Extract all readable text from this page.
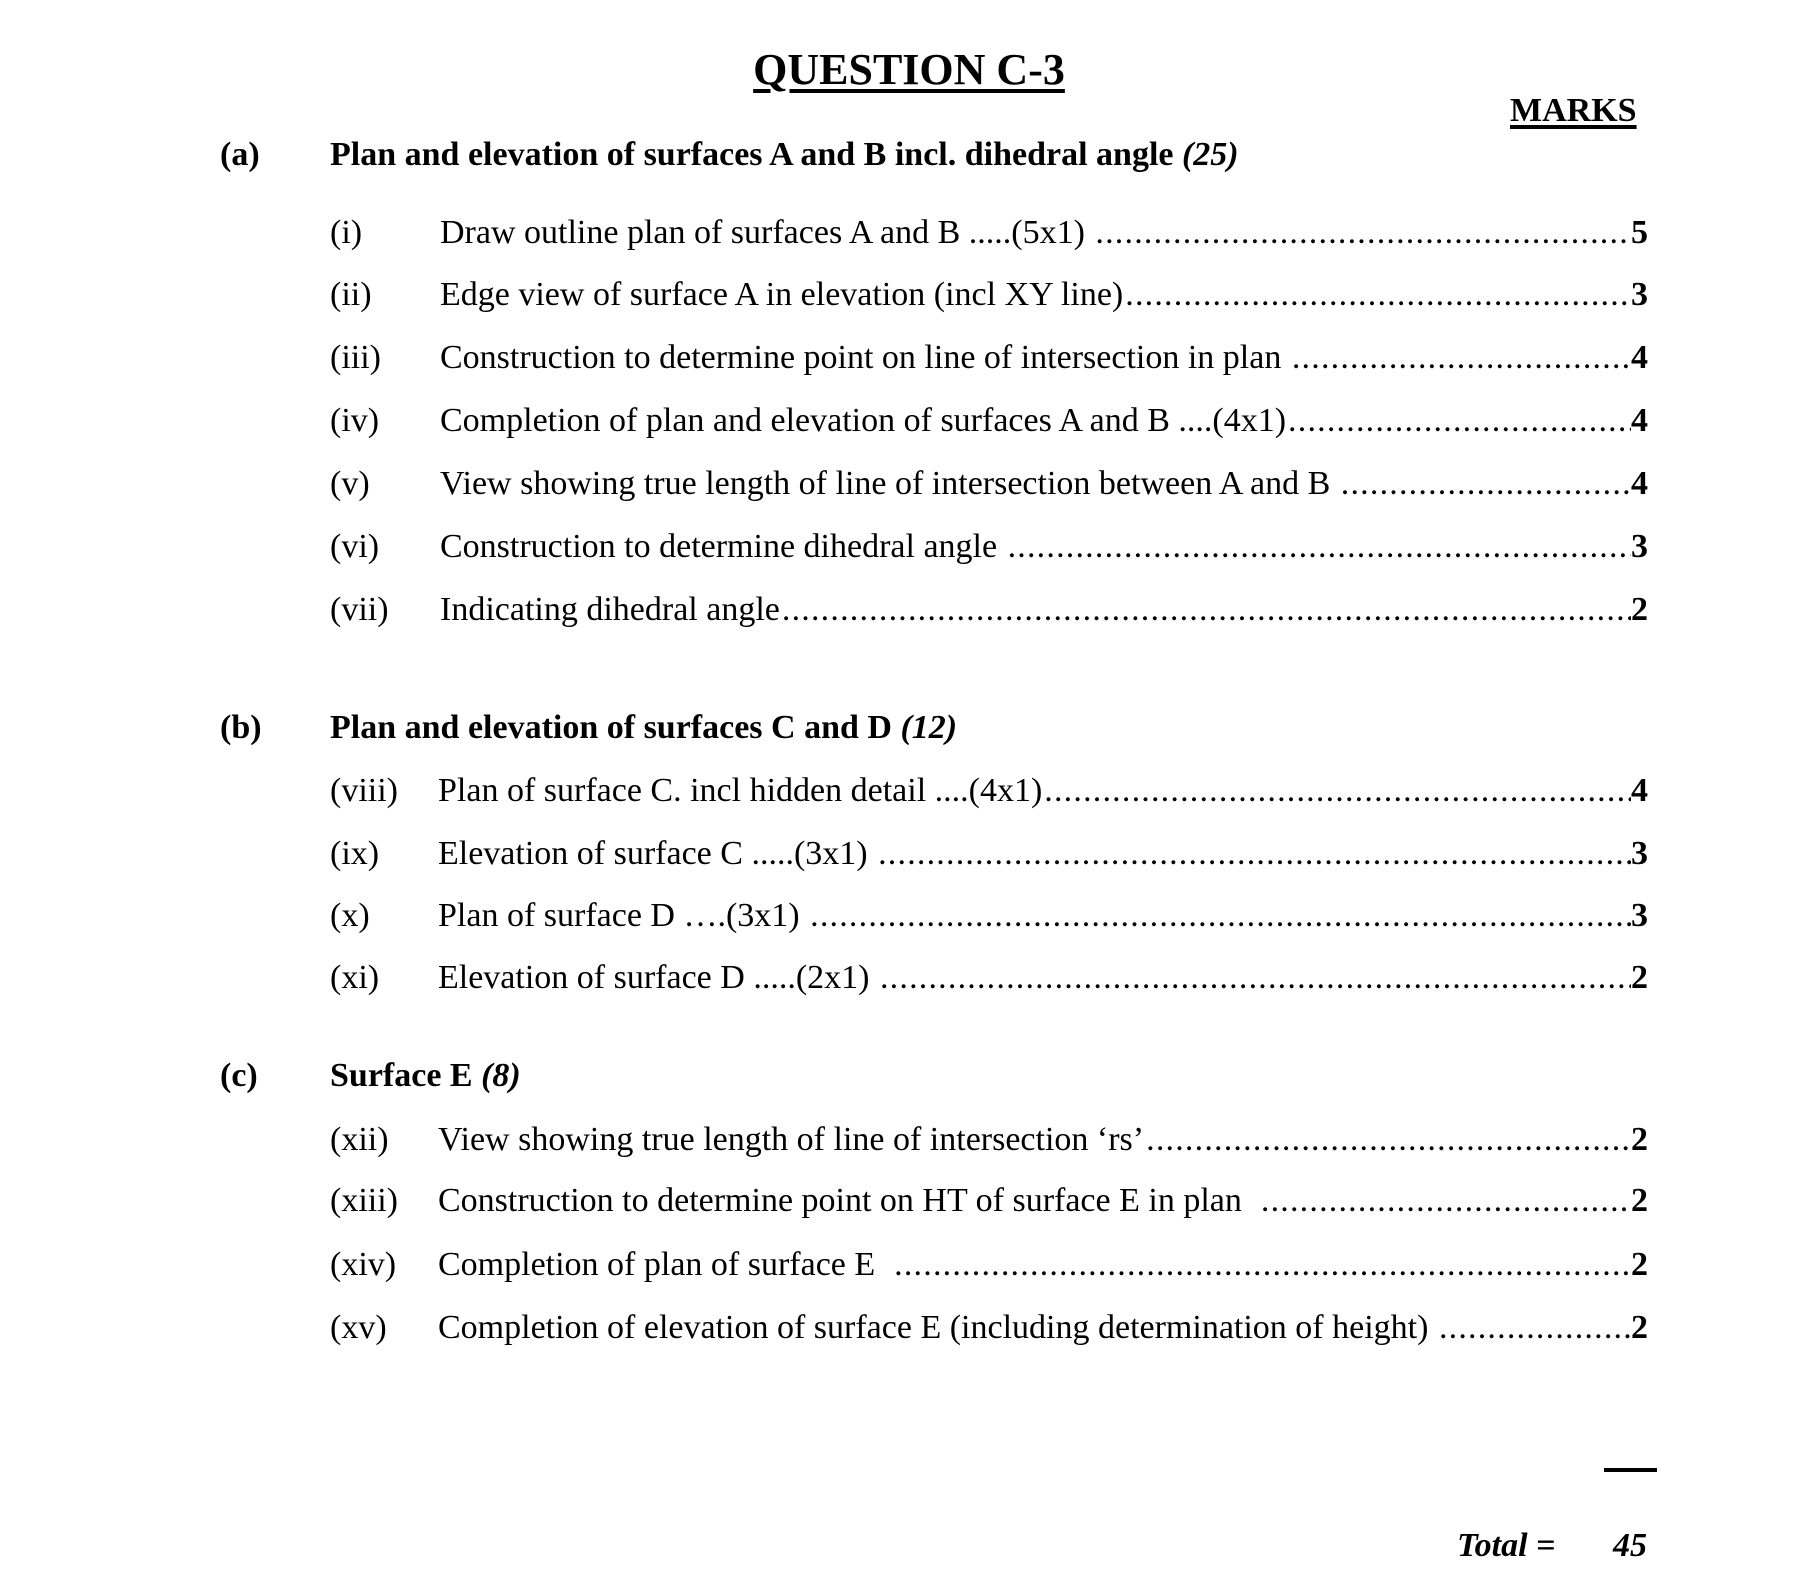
QUESTION C-3
MARKS
(a) Plan and elevation of surfaces A and B incl. dihedral angle (25)
(i)	Draw outline plan of surfaces A and B .....(5x1) .....	5
(ii)	Edge view of surface A in elevation (incl XY line) .....	3
(iii)	Construction to determine point on line of intersection in plan .....	4
(iv)	Completion of plan and elevation of surfaces A and B ....(4x1) .....	4
(v)	View showing true length of line of intersection between A and B .....	4
(vi)	Construction to determine dihedral angle .....	3
(vii)	Indicating dihedral angle .....	2
(b) Plan and elevation of surfaces C and D (12)
(viii)	Plan of surface C. incl hidden detail ....(4x1) .....	4
(ix)	Elevation of surface C .....(3x1) .....	3
(x)	Plan of surface D ….(3x1) .....	3
(xi)	Elevation of surface D .....(2x1) .....	2
(c) Surface E (8)
(xii)	View showing true length of line of intersection ‘rs’ .....	2
(xiii)	Construction to determine point on HT of surface E in plan .....	2
(xiv)	Completion of plan of surface E .....	2
(xv)	Completion of elevation of surface E (including determination of height) .....	2
Total = 45
